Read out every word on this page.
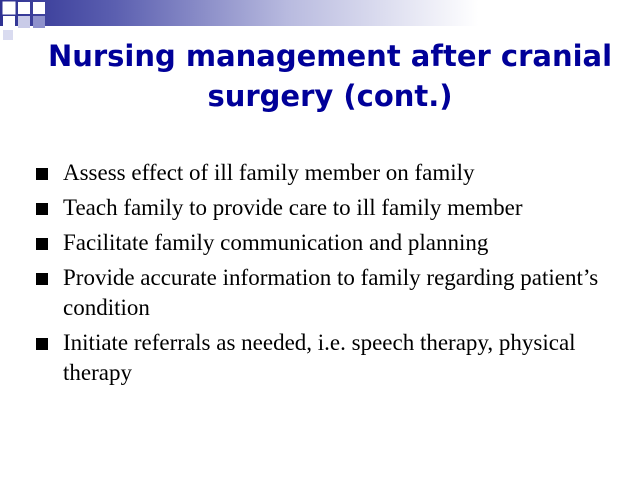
Nursing management after cranial surgery (cont.)
Assess effect of ill family member on family
Teach family to provide care to ill family member
Facilitate family communication and planning
Provide accurate information to family regarding patient’s condition
Initiate referrals as needed, i.e. speech therapy, physical therapy
